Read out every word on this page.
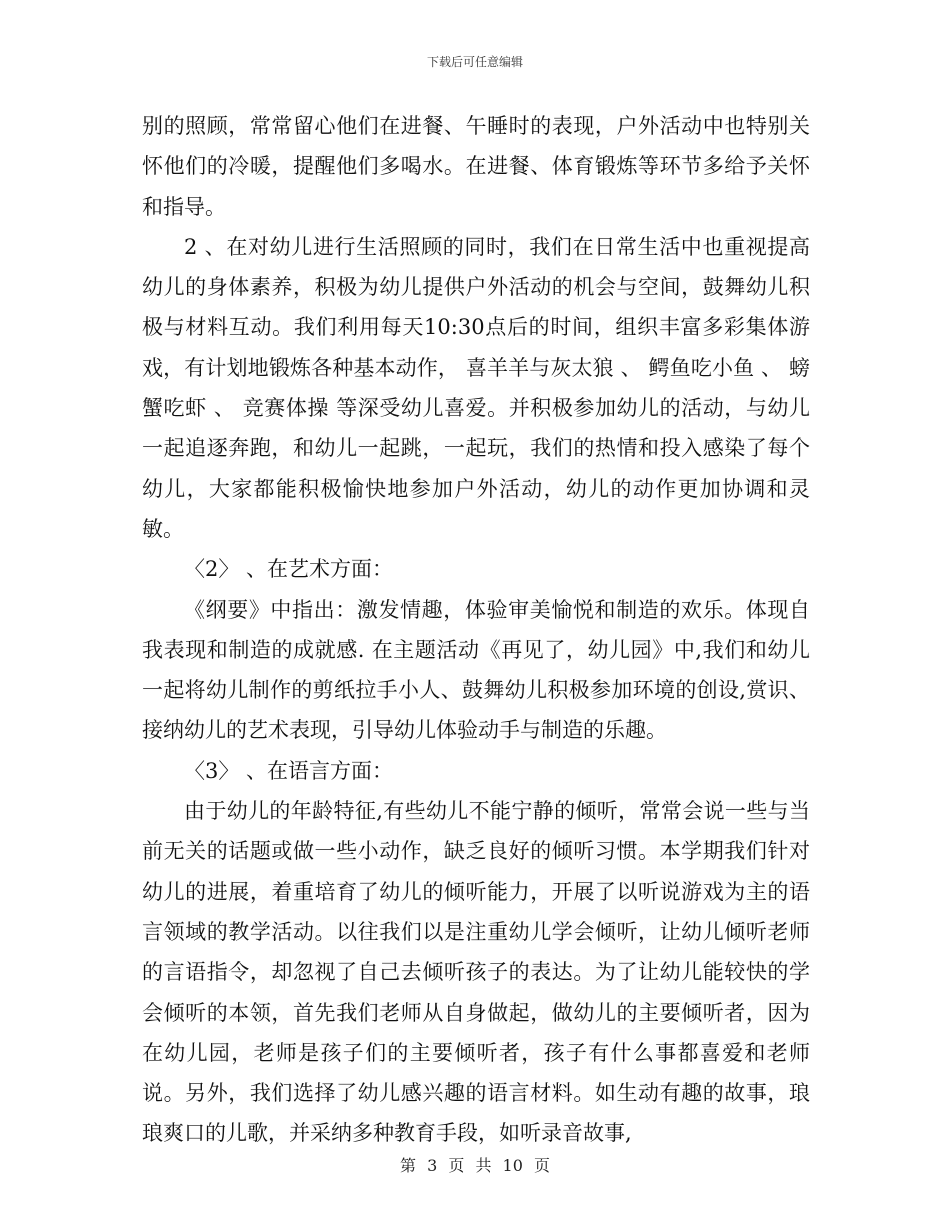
下载后可任意编辑

别的照顾，常常留心他们在进餐、午睡时的表现，户外活动中也特别关怀他们的冷暖，提醒他们多喝水。在进餐、体育锻炼等环节多给予关怀和指导。

2 、在对幼儿进行生活照顾的同时，我们在日常生活中也重视提高幼儿的身体素养，积极为幼儿提供户外活动的机会与空间，鼓舞幼儿积极与材料互动。我们利用每天10:30点后的时间，组织丰富多彩集体游戏，有计划地锻炼各种基本动作， 喜羊羊与灰太狼 、 鳄鱼吃小鱼 、 螃蟹吃虾 、 竞赛体操 等深受幼儿喜爱。并积极参加幼儿的活动，与幼儿一起追逐奔跑，和幼儿一起跳，一起玩，我们的热情和投入感染了每个幼儿，大家都能积极愉快地参加户外活动，幼儿的动作更加协调和灵敏。

〈2〉 、在艺术方面：

《纲要》中指出：激发情趣，体验审美愉悦和制造的欢乐。体现自我表现和制造的成就感. 在主题活动《再见了，幼儿园》中,我们和幼儿一起将幼儿制作的剪纸拉手小人、鼓舞幼儿积极参加环境的创设,赏识、接纳幼儿的艺术表现，引导幼儿体验动手与制造的乐趣。

〈3〉 、在语言方面：

由于幼儿的年龄特征,有些幼儿不能宁静的倾听，常常会说一些与当前无关的话题或做一些小动作，缺乏良好的倾听习惯。本学期我们针对幼儿的进展，着重培育了幼儿的倾听能力，开展了以听说游戏为主的语言领域的教学活动。以往我们以是注重幼儿学会倾听，让幼儿倾听老师的言语指令，却忽视了自己去倾听孩子的表达。为了让幼儿能较快的学会倾听的本领，首先我们老师从自身做起，做幼儿的主要倾听者，因为在幼儿园，老师是孩子们的主要倾听者，孩子有什么事都喜爱和老师说。另外，我们选择了幼儿感兴趣的语言材料。如生动有趣的故事，琅琅爽口的儿歌，并采纳多种教育手段，如听录音故事,

第 3 页 共 10 页
